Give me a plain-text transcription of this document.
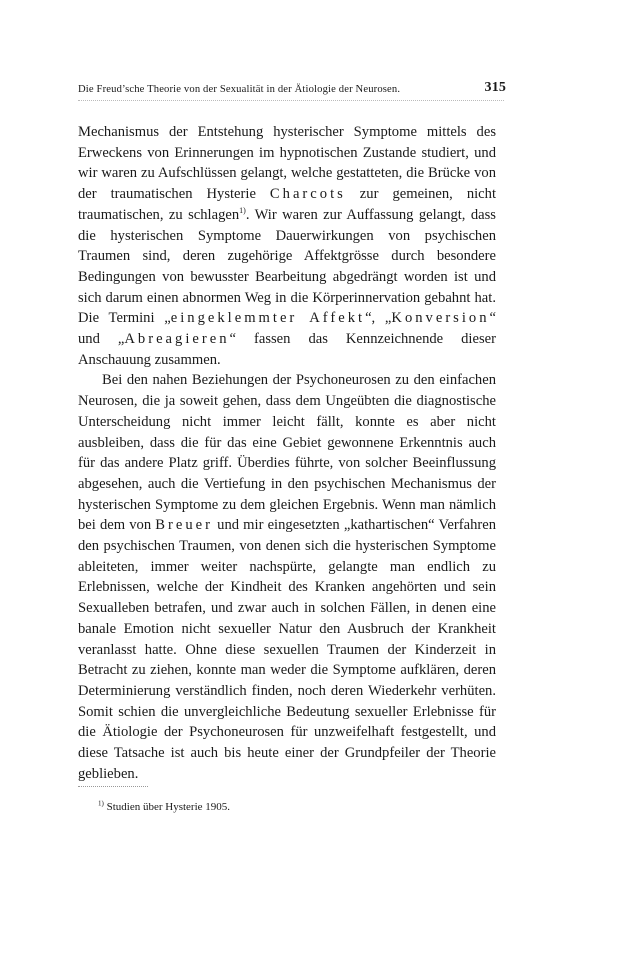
Die Freud’sche Theorie von der Sexualität in der Ätiologie der Neurosen.	315

Mechanismus der Entstehung hysterischer Symptome mittels des Erweckens von Erinnerungen im hypnotischen Zustande studiert, und wir waren zu Aufschlüssen gelangt, welche gestatteten, die Brücke von der traumatischen Hysterie Charcots zur gemeinen, nicht traumatischen, zu schlagen$^{1)}$. Wir waren zur Auffassung gelangt, dass die hysterischen Symptome Dauerwirkungen von psychischen Traumen sind, deren zugehörige Affektgrösse durch besondere Bedingungen von bewusster Bearbeitung abgedrängt worden ist und sich darum einen abnormen Weg in die Körperinnervation gebahnt hat. Die Termini „eingeklemmter Affekt“, „Konversion“ und „Abreagieren“ fassen das Kennzeichnende dieser Anschauung zusammen.

Bei den nahen Beziehungen der Psychoneurosen zu den einfachen Neurosen, die ja soweit gehen, dass dem Ungeübten die diagnostische Unterscheidung nicht immer leicht fällt, konnte es aber nicht ausbleiben, dass die für das eine Gebiet gewonnene Erkenntnis auch für das andere Platz griff. Überdies führte, von solcher Beeinflussung abgesehen, auch die Vertiefung in den psychischen Mechanismus der hysterischen Symptome zu dem gleichen Ergebnis. Wenn man nämlich bei dem von Breuer und mir eingesetzten „kathartischen“ Verfahren den psychischen Traumen, von denen sich die hysterischen Symptome ableiteten, immer weiter nachspürte, gelangte man endlich zu Erlebnissen, welche der Kindheit des Kranken angehörten und sein Sexualleben betrafen, und zwar auch in solchen Fällen, in denen eine banale Emotion nicht sexueller Natur den Ausbruch der Krankheit veranlasst hatte. Ohne diese sexuellen Traumen der Kinderzeit in Betracht zu ziehen, konnte man weder die Symptome aufklären, deren Determinierung verständlich finden, noch deren Wiederkehr verhüten. Somit schien die unvergleichliche Bedeutung sexueller Erlebnisse für die Ätiologie der Psychoneurosen für unzweifelhaft festgestellt, und diese Tatsache ist auch bis heute einer der Grundpfeiler der Theorie geblieben.

$^{1)}$ Studien über Hysterie 1905.
